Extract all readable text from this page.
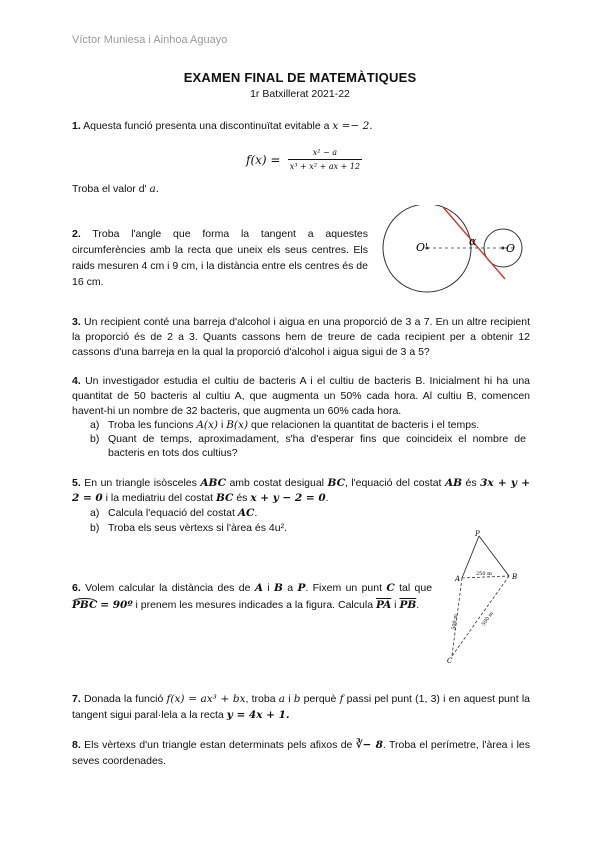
Víctor Muniesa i Ainhoa Aguayo
EXAMEN FINAL DE MATEMÀTIQUES
1r Batxillerat 2021-22
1. Aquesta funció presenta una discontinuïtat evitable a x =− 2.
$f(x) = \frac{\text{x² − a}}{\text{x³ + x² + ax + 12}}$
Troba el valor d' a.
2. Troba l'angle que forma la tangent a aquestes circumferències amb la recta que uneix els seus centres. Els raids mesuren 4 cm i 9 cm, i la distància entre els centres és de 16 cm.
O'	O
α
3. Un recipient conté una barreja d'alcohol i aigua en una proporció de 3 a 7. En un altre recipient la proporció és de 2 a 3. Quants cassons hem de treure de cada recipient per a obtenir 12 cassons d'una barreja en la qual la proporció d'alcohol i aigua sigui de 3 a 5?
4. Un investigador estudia el cultiu de bacteris A i el cultiu de bacteris B. Inicialment hi ha una quantitat de 50 bacteris al cultiu A, que augmenta un 50% cada hora. Al cultiu B, comencen havent-hi un nombre de 32 bacteris, que augmenta un 60% cada hora.
a) Troba les funcions A(x) i B(x) que relacionen la quantitat de bacteris i el temps.
b) Quant de temps, aproximadament, s'ha d'esperar fins que coincideix el nombre de bacteris en tots dos cultius?
5. En un triangle isòsceles ABC amb costat desigual BC, l'equació del costat AB és 3x + y + 2 = 0 i la mediatriu del costat BC és x + y − 2 = 0.
a) Calcula l'equació del costat AC.
b) Troba els seus vèrtexs si l'àrea és 4u².
6. Volem calcular la distància des de A i B a P. Fixem un punt C tal que PBC = 90º i prenem les mesures indicades a la figura. Calcula $\overline{PA}$ i $\overline{PB}$.
P
A	B
C
250 m
500 m	500 m
7. Donada la funció f(x) = ax³ + bx, troba a i b perquè f passi pel punt (1, 3) i en aquest punt la tangent sigui paral·lela a la recta y = 4x + 1.
8. Els vèrtexs d'un triangle estan determinats pels afixos de ∛− 8. Troba el perímetre, l'àrea i les seves coordenades.
